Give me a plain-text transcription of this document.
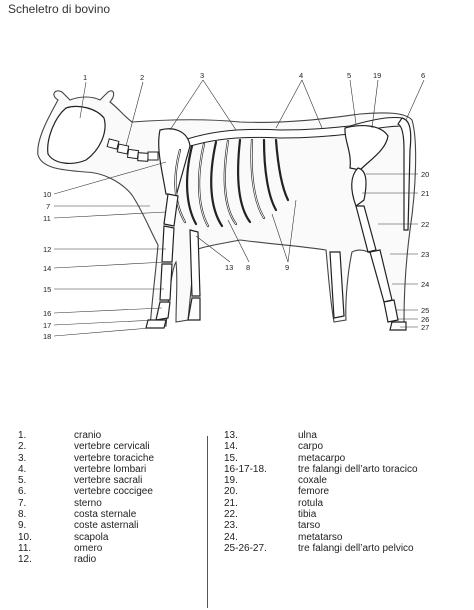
Scheletro di bovino
1	2	3	4	5	19	6
20
21
22
23
24
25
26
27
10
7
11
12
14
15
16
17
18
13 8	9
1.	cranio
2.	vertebre cervicali
3.	vertebre toraciche
4.	vertebre lombari
5.	vertebre sacrali
6.	vertebre coccigee
7.	sterno
8.	costa sternale
9.	coste asternali
10.	scapola
11.	omero
12.	radio
13.	ulna
14.	carpo
15.	metacarpo
16-17-18.	tre falangi dell’arto toracico
19.	coxale
20.	femore
21.	rotula
22.	tibia
23.	tarso
24.	metatarso
25-26-27.	tre falangi dell’arto pelvico
